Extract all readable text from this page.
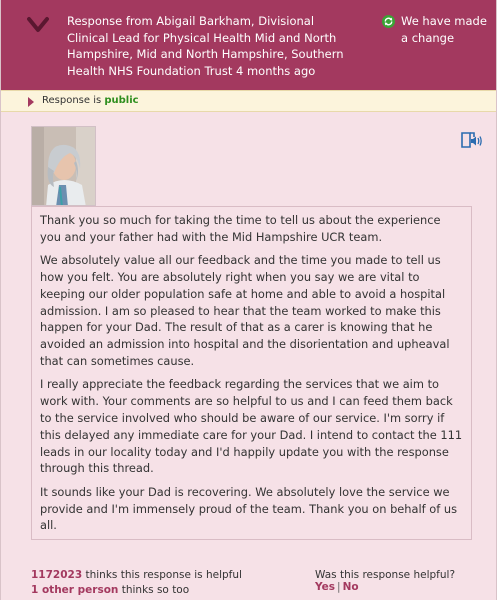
Response from Abigail Barkham, Divisional Clinical Lead for Physical Health Mid and North Hampshire, Mid and North Hampshire, Southern Health NHS Foundation Trust 4 months ago
We have made a change
Response is public

Thank you so much for taking the time to tell us about the experience you and your father had with the Mid Hampshire UCR team.

We absolutely value all our feedback and the time you made to tell us how you felt. You are absolutely right when you say we are vital to keeping our older population safe at home and able to avoid a hospital admission. I am so pleased to hear that the team worked to make this happen for your Dad. The result of that as a carer is knowing that he avoided an admission into hospital and the disorientation and upheaval that can sometimes cause.

I really appreciate the feedback regarding the services that we aim to work with. Your comments are so helpful to us and I can feed them back to the service involved who should be aware of our service. I'm sorry if this delayed any immediate care for your Dad. I intend to contact the 111 leads in our locality today and I'd happily update you with the response through this thread.

It sounds like your Dad is recovering. We absolutely love the service we provide and I'm immensely proud of the team. Thank you on behalf of us all.

1172023 thinks this response is helpful
1 other person thinks so too
Was this response helpful? Yes | No
